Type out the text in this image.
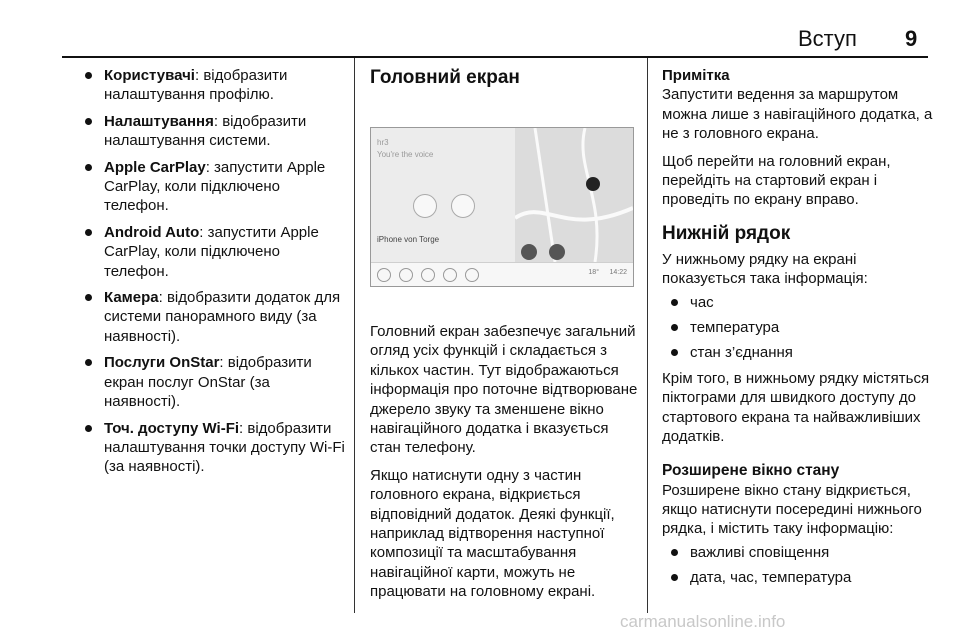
Вступ 9
Користувачі: відобразити налаштування профілю.
Налаштування: відобразити налаштування системи.
Apple CarPlay: запустити Apple CarPlay, коли підключено телефон.
Android Auto: запустити Apple CarPlay, коли підключено телефон.
Камера: відобразити додаток для системи панорамного виду (за наявності).
Послуги OnStar: відобразити екран послуг OnStar (за наявності).
Точ. доступу Wi-Fi: відобразити налаштування точки доступу Wi-Fi (за наявності).
Головний екран
hr3
You're the voice
iPhone von Torge
18° 14:22

Головний екран забезпечує загальний огляд усіх функцій і складається з кількох частин. Тут відображаються інформація про поточне відтворюване джерело звуку та зменшене вікно навігаційного додатка і вказується стан телефону.

Якщо натиснути одну з частин головного екрана, відкриється відповідний додаток. Деякі функції, наприклад відтворення наступної композиції та масштабування навігаційної карти, можуть не працювати на головному екрані.

Примітка

Запустити ведення за маршрутом можна лише з навігаційного додатка, а не з головного екрана.

Щоб перейти на головний екран, перейдіть на стартовий екран і проведіть по екрану вправо.

Нижній рядок

У нижньому рядку на екрані показується така інформація:

час
температура
стан з’єднання

Крім того, в нижньому рядку містяться піктограми для швидкого доступу до стартового екрана та найважливіших додатків.

Розширене вікно стану

Розширене вікно стану відкриється, якщо натиснути посередині нижнього рядка, і містить таку інформацію:

важливі сповіщення
дата, час, температура
carmanualsonline.info
